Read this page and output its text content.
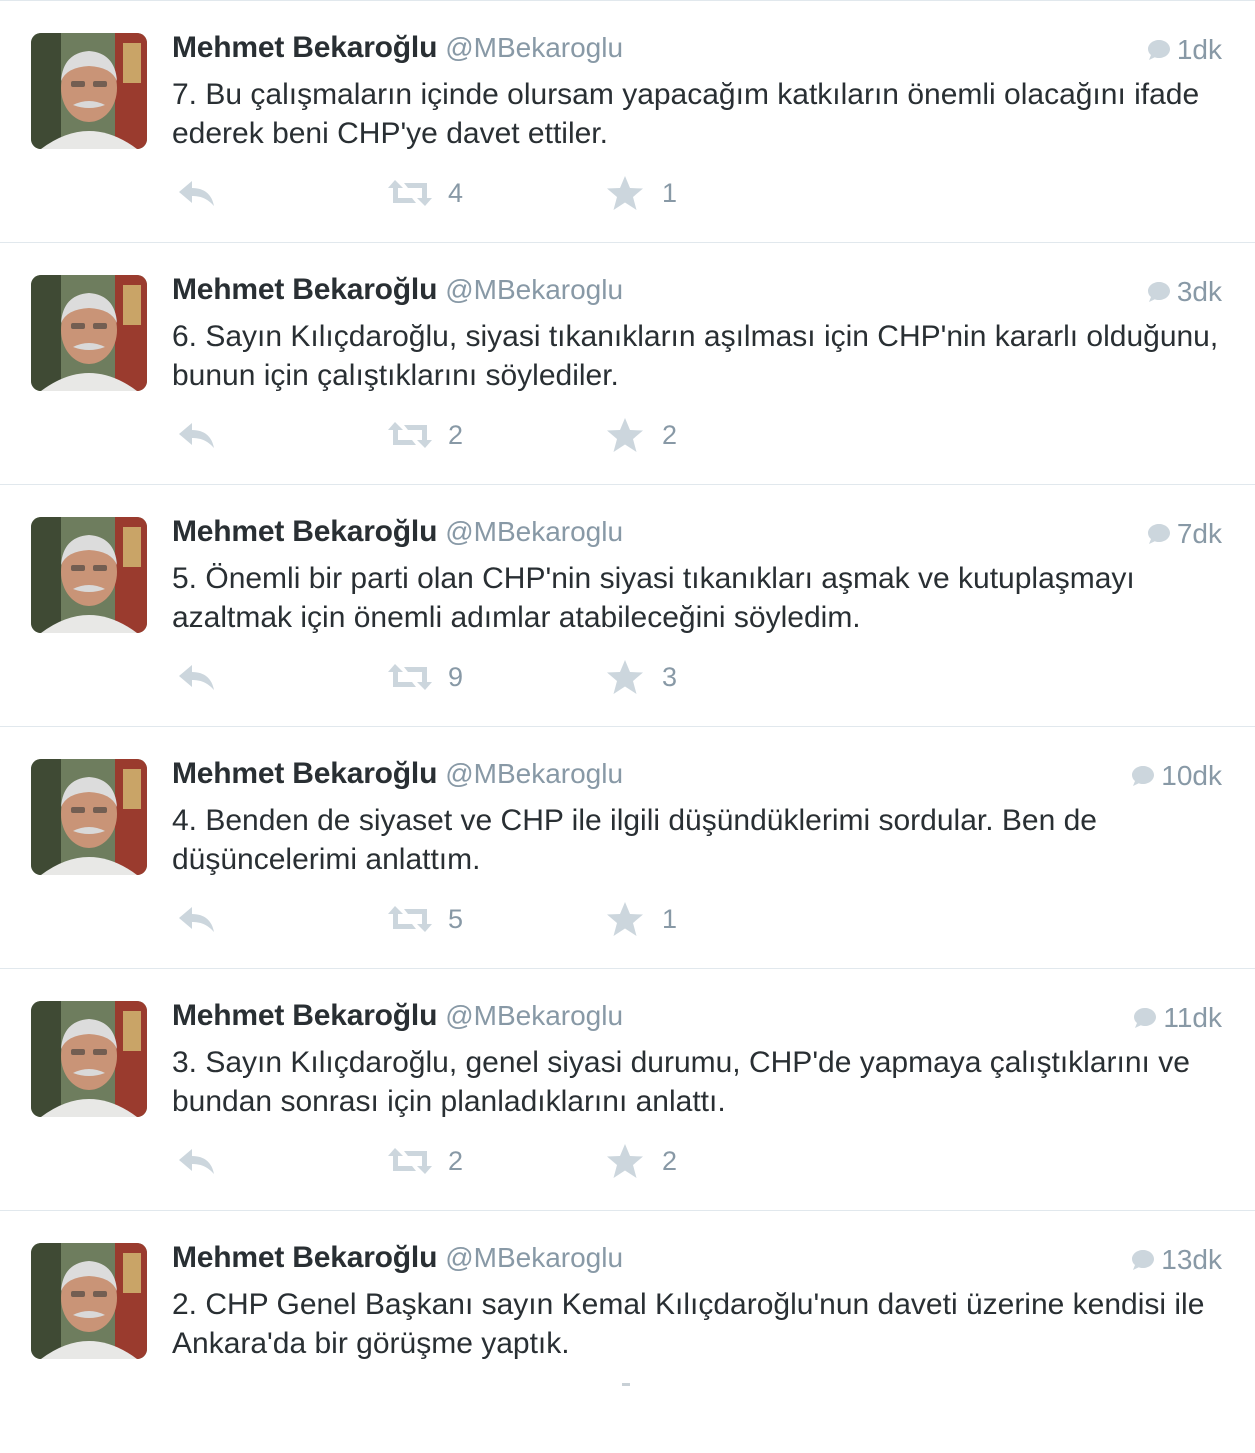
Mehmet Bekaroğlu @MBekaroglu	1dk
7. Bu çalışmaların içinde olursam yapacağım katkıların önemli olacağını ifade ederek beni CHP'ye davet ettiler.
4	1
Mehmet Bekaroğlu @MBekaroglu	3dk
6. Sayın Kılıçdaroğlu, siyasi tıkanıkların aşılması için CHP'nin kararlı olduğunu, bunun için çalıştıklarını söylediler.
2	2
Mehmet Bekaroğlu @MBekaroglu	7dk
5. Önemli bir parti olan CHP'nin siyasi tıkanıkları aşmak ve kutuplaşmayı azaltmak için önemli adımlar atabileceğini söyledim.
9	3
Mehmet Bekaroğlu @MBekaroglu	10dk
4. Benden de siyaset ve CHP ile ilgili düşündüklerimi sordular. Ben de düşüncelerimi anlattım.
5	1
Mehmet Bekaroğlu @MBekaroglu	11dk
3. Sayın Kılıçdaroğlu, genel siyasi durumu, CHP'de yapmaya çalıştıklarını ve bundan sonrası için planladıklarını anlattı.
2	2
Mehmet Bekaroğlu @MBekaroglu	13dk
2. CHP Genel Başkanı sayın Kemal Kılıçdaroğlu'nun daveti üzerine kendisi ile Ankara'da bir görüşme yaptık.
